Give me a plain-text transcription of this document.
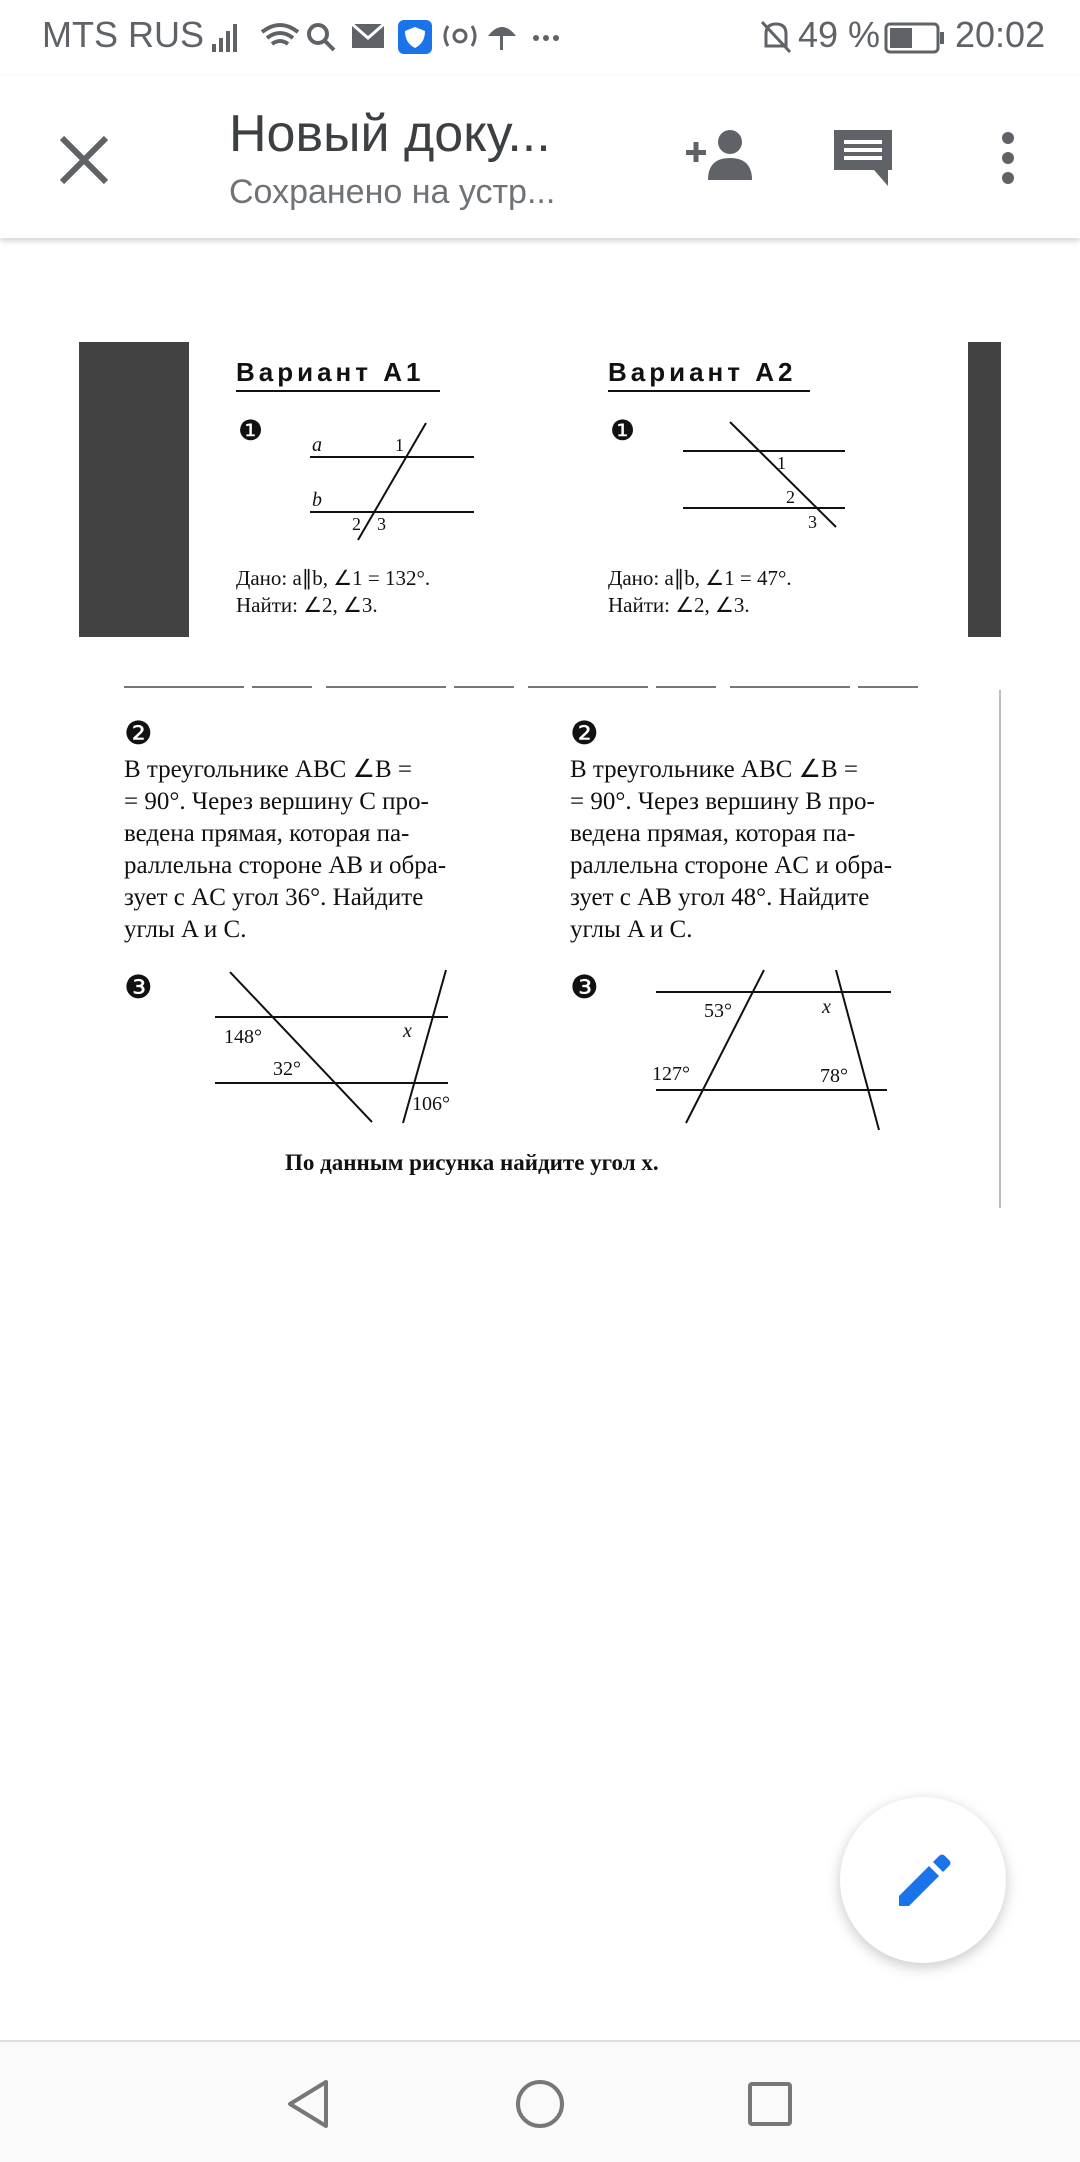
MTS RUS	49 % 20:02
Новый доку...
Сохранено на устр...
Вариант А1
❶ a
b
1
2 3
Дано: a∥b, ∠1 = 132°.
Найти: ∠2, ∠3.
Вариант А2
❶
1
2
3
Дано: a∥b, ∠1 = 47°.
Найти: ∠2, ∠3.
❷
В треугольнике ABC ∠B =
= 90°. Через вершину C про-
ведена прямая, которая па-
раллельна стороне AB и обра-
зует с AC угол 36°. Найдите
углы A и C.
❷
В треугольнике ABC ∠B =
= 90°. Через вершину B про-
ведена прямая, которая па-
раллельна стороне AC и обра-
зует с AB угол 48°. Найдите
углы A и C.
❸
148°
32°
x
106°
❸
53°	x
127°	78°
По данным рисунка найдите угол x.
